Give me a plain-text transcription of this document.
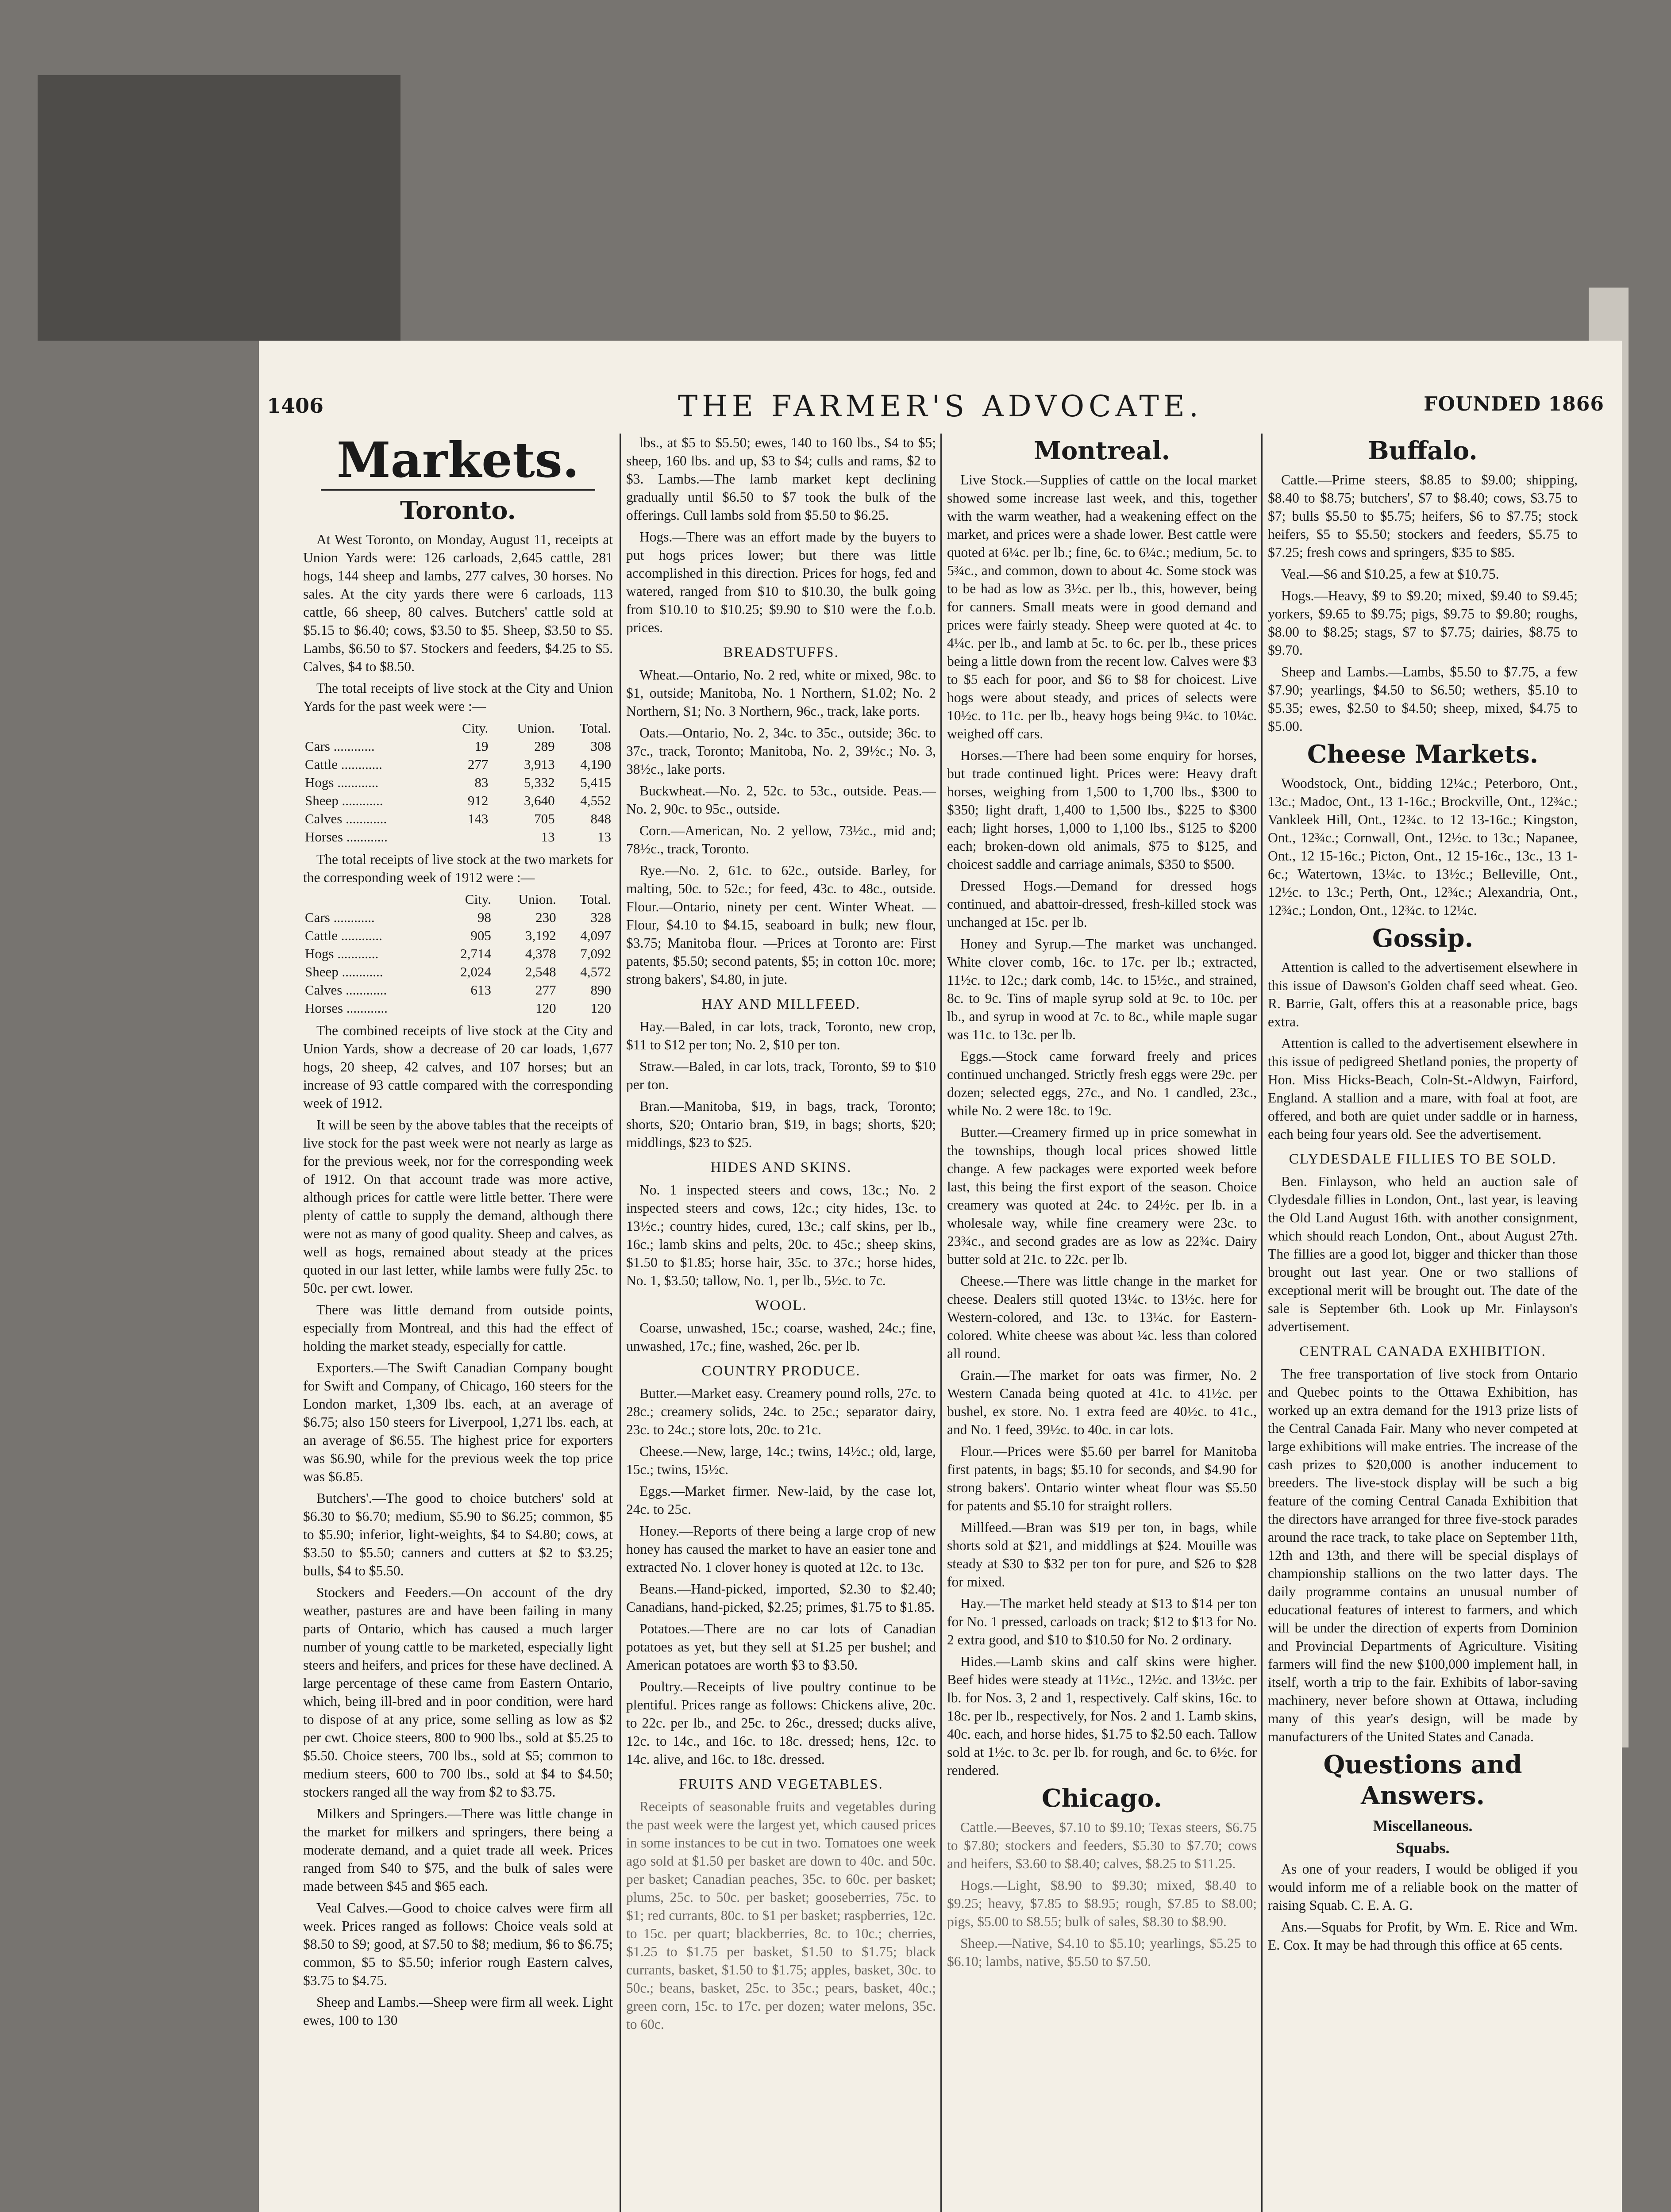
1406	THE FARMER'S ADVOCATE.	FOUNDED 1866
Markets.
Toronto.

At West Toronto, on Monday, August 11, receipts at Union Yards were: 126 carloads, 2,645 cattle, 281 hogs, 144 sheep and lambs, 277 calves, 30 horses. No sales. At the city yards there were 6 carloads, 113 cattle, 66 sheep, 80 calves. Butchers' cattle sold at $5.15 to $6.40; cows, $3.50 to $5. Sheep, $3.50 to $5. Lambs, $6.50 to $7. Stockers and feeders, $4.25 to $5. Calves, $4 to $8.50.

The total receipts of live stock at the City and Union Yards for the past week were :—

	City.	Union.	Total.
Cars ............	19	289	308
Cattle ............	277	3,913	4,190
Hogs ............	83	5,332	5,415
Sheep ............	912	3,640	4,552
Calves ............	143	705	848
Horses ............		13	13

The total receipts of live stock at the two markets for the corresponding week of 1912 were :—

	City.	Union.	Total.
Cars ............	98	230	328
Cattle ............	905	3,192	4,097
Hogs ............	2,714	4,378	7,092
Sheep ............	2,024	2,548	4,572
Calves ............	613	277	890
Horses ............		120	120

The combined receipts of live stock at the City and Union Yards, show a decrease of 20 car loads, 1,677 hogs, 20 sheep, 42 calves, and 107 horses; but an increase of 93 cattle compared with the corresponding week of 1912.

It will be seen by the above tables that the receipts of live stock for the past week were not nearly as large as for the previous week, nor for the corresponding week of 1912. On that account trade was more active, although prices for cattle were little better. There were plenty of cattle to supply the demand, although there were not as many of good quality. Sheep and calves, as well as hogs, remained about steady at the prices quoted in our last letter, while lambs were fully 25c. to 50c. per cwt. lower.

There was little demand from outside points, especially from Montreal, and this had the effect of holding the market steady, especially for cattle.

Exporters.—The Swift Canadian Company bought for Swift and Company, of Chicago, 160 steers for the London market, 1,309 lbs. each, at an average of $6.75; also 150 steers for Liverpool, 1,271 lbs. each, at an average of $6.55. The highest price for exporters was $6.90, while for the previous week the top price was $6.85.

Butchers'.—The good to choice butchers' sold at $6.30 to $6.70; medium, $5.90 to $6.25; common, $5 to $5.90; inferior, light-weights, $4 to $4.80; cows, at $3.50 to $5.50; canners and cutters at $2 to $3.25; bulls, $4 to $5.50.

Stockers and Feeders.—On account of the dry weather, pastures are and have been failing in many parts of Ontario, which has caused a much larger number of young cattle to be marketed, especially light steers and heifers, and prices for these have declined. A large percentage of these came from Eastern Ontario, which, being ill-bred and in poor condition, were hard to dispose of at any price, some selling as low as $2 per cwt. Choice steers, 800 to 900 lbs., sold at $5.25 to $5.50. Choice steers, 700 lbs., sold at $5; common to medium steers, 600 to 700 lbs., sold at $4 to $4.50; stockers ranged all the way from $2 to $3.75.

Milkers and Springers.—There was little change in the market for milkers and springers, there being a moderate demand, and a quiet trade all week. Prices ranged from $40 to $75, and the bulk of sales were made between $45 and $65 each.

Veal Calves.—Good to choice calves were firm all week. Prices ranged as follows: Choice veals sold at $8.50 to $9; good, at $7.50 to $8; medium, $6 to $6.75; common, $5 to $5.50; inferior rough Eastern calves, $3.75 to $4.75.

Sheep and Lambs.—Sheep were firm all week. Light ewes, 100 to 130

lbs., at $5 to $5.50; ewes, 140 to 160 lbs., $4 to $5; sheep, 160 lbs. and up, $3 to $4; culls and rams, $2 to $3. Lambs.—The lamb market kept declining gradually until $6.50 to $7 took the bulk of the offerings. Cull lambs sold from $5.50 to $6.25.

Hogs.—There was an effort made by the buyers to put hogs prices lower; but there was little accomplished in this direction. Prices for hogs, fed and watered, ranged from $10 to $10.30, the bulk going from $10.10 to $10.25; $9.90 to $10 were the f.o.b. prices.

BREADSTUFFS.

Wheat.—Ontario, No. 2 red, white or mixed, 98c. to $1, outside; Manitoba, No. 1 Northern, $1.02; No. 2 Northern, $1; No. 3 Northern, 96c., track, lake ports.

Oats.—Ontario, No. 2, 34c. to 35c., outside; 36c. to 37c., track, Toronto; Manitoba, No. 2, 39½c.; No. 3, 38½c., lake ports.

Buckwheat.—No. 2, 52c. to 53c., outside. Peas.—No. 2, 90c. to 95c., outside.

Corn.—American, No. 2 yellow, 73½c., mid and; 78½c., track, Toronto.

Rye.—No. 2, 61c. to 62c., outside. Barley, for malting, 50c. to 52c.; for feed, 43c. to 48c., outside. Flour.—Ontario, ninety per cent. Winter Wheat. —Flour, $4.10 to $4.15, seaboard in bulk; new flour, $3.75; Manitoba flour. —Prices at Toronto are: First patents, $5.50; second patents, $5; in cotton 10c. more; strong bakers', $4.80, in jute.

HAY AND MILLFEED.

Hay.—Baled, in car lots, track, Toronto, new crop, $11 to $12 per ton; No. 2, $10 per ton.

Straw.—Baled, in car lots, track, Toronto, $9 to $10 per ton.

Bran.—Manitoba, $19, in bags, track, Toronto; shorts, $20; Ontario bran, $19, in bags; shorts, $20; middlings, $23 to $25.

HIDES AND SKINS.

No. 1 inspected steers and cows, 13c.; No. 2 inspected steers and cows, 12c.; city hides, 13c. to 13½c.; country hides, cured, 13c.; calf skins, per lb., 16c.; lamb skins and pelts, 20c. to 45c.; sheep skins, $1.50 to $1.85; horse hair, 35c. to 37c.; horse hides, No. 1, $3.50; tallow, No. 1, per lb., 5½c. to 7c.

WOOL.

Coarse, unwashed, 15c.; coarse, washed, 24c.; fine, unwashed, 17c.; fine, washed, 26c. per lb.

COUNTRY PRODUCE.

Butter.—Market easy. Creamery pound rolls, 27c. to 28c.; creamery solids, 24c. to 25c.; separator dairy, 23c. to 24c.; store lots, 20c. to 21c.

Cheese.—New, large, 14c.; twins, 14½c.; old, large, 15c.; twins, 15½c.

Eggs.—Market firmer. New-laid, by the case lot, 24c. to 25c.

Honey.—Reports of there being a large crop of new honey has caused the market to have an easier tone and extracted No. 1 clover honey is quoted at 12c. to 13c.

Beans.—Hand-picked, imported, $2.30 to $2.40; Canadians, hand-picked, $2.25; primes, $1.75 to $1.85.

Potatoes.—There are no car lots of Canadian potatoes as yet, but they sell at $1.25 per bushel; and American potatoes are worth $3 to $3.50.

Poultry.—Receipts of live poultry continue to be plentiful. Prices range as follows: Chickens alive, 20c. to 22c. per lb., and 25c. to 26c., dressed; ducks alive, 12c. to 14c., and 16c. to 18c. dressed; hens, 12c. to 14c. alive, and 16c. to 18c. dressed.

FRUITS AND VEGETABLES.

Receipts of seasonable fruits and vegetables during the past week were the largest yet, which caused prices in some instances to be cut in two. Tomatoes one week ago sold at $1.50 per basket are down to 40c. and 50c. per basket; Canadian peaches, 35c. to 60c. per basket; plums, 25c. to 50c. per basket; gooseberries, 75c. to $1; red currants, 80c. to $1 per basket; raspberries, 12c. to 15c. per quart; blackberries, 8c. to 10c.; cherries, $1.25 to $1.75 per basket, $1.50 to $1.75; black currants, basket, $1.50 to $1.75; apples, basket, 30c. to 50c.; beans, basket, 25c. to 35c.; pears, basket, 40c.; green corn, 15c. to 17c. per dozen; water melons, 35c. to 60c.

Montreal.

Live Stock.—Supplies of cattle on the local market showed some increase last week, and this, together with the warm weather, had a weakening effect on the market, and prices were a shade lower. Best cattle were quoted at 6¼c. per lb.; fine, 6c. to 6¼c.; medium, 5c. to 5¾c., and common, down to about 4c. Some stock was to be had as low as 3½c. per lb., this, however, being for canners. Small meats were in good demand and prices were fairly steady. Sheep were quoted at 4c. to 4¼c. per lb., and lamb at 5c. to 6c. per lb., these prices being a little down from the recent low. Calves were $3 to $5 each for poor, and $6 to $8 for choicest. Live hogs were about steady, and prices of selects were 10½c. to 11c. per lb., heavy hogs being 9¼c. to 10¼c. weighed off cars.

Horses.—There had been some enquiry for horses, but trade continued light. Prices were: Heavy draft horses, weighing from 1,500 to 1,700 lbs., $300 to $350; light draft, 1,400 to 1,500 lbs., $225 to $300 each; light horses, 1,000 to 1,100 lbs., $125 to $200 each; broken-down old animals, $75 to $125, and choicest saddle and carriage animals, $350 to $500.

Dressed Hogs.—Demand for dressed hogs continued, and abattoir-dressed, fresh-killed stock was unchanged at 15c. per lb.

Honey and Syrup.—The market was unchanged. White clover comb, 16c. to 17c. per lb.; extracted, 11½c. to 12c.; dark comb, 14c. to 15½c., and strained, 8c. to 9c. Tins of maple syrup sold at 9c. to 10c. per lb., and syrup in wood at 7c. to 8c., while maple sugar was 11c. to 13c. per lb.

Eggs.—Stock came forward freely and prices continued unchanged. Strictly fresh eggs were 29c. per dozen; selected eggs, 27c., and No. 1 candled, 23c., while No. 2 were 18c. to 19c.

Butter.—Creamery firmed up in price somewhat in the townships, though local prices showed little change. A few packages were exported week before last, this being the first export of the season. Choice creamery was quoted at 24c. to 24½c. per lb. in a wholesale way, while fine creamery were 23c. to 23¾c., and second grades are as low as 22¾c. Dairy butter sold at 21c. to 22c. per lb.

Cheese.—There was little change in the market for cheese. Dealers still quoted 13¼c. to 13½c. here for Western-colored, and 13c. to 13¼c. for Eastern-colored. White cheese was about ¼c. less than colored all round.

Grain.—The market for oats was firmer, No. 2 Western Canada being quoted at 41c. to 41½c. per bushel, ex store. No. 1 extra feed are 40½c. to 41c., and No. 1 feed, 39½c. to 40c. in car lots.

Flour.—Prices were $5.60 per barrel for Manitoba first patents, in bags; $5.10 for seconds, and $4.90 for strong bakers'. Ontario winter wheat flour was $5.50 for patents and $5.10 for straight rollers.

Millfeed.—Bran was $19 per ton, in bags, while shorts sold at $21, and middlings at $24. Mouille was steady at $30 to $32 per ton for pure, and $26 to $28 for mixed.

Hay.—The market held steady at $13 to $14 per ton for No. 1 pressed, carloads on track; $12 to $13 for No. 2 extra good, and $10 to $10.50 for No. 2 ordinary.

Hides.—Lamb skins and calf skins were higher. Beef hides were steady at 11½c., 12½c. and 13½c. per lb. for Nos. 3, 2 and 1, respectively. Calf skins, 16c. to 18c. per lb., respectively, for Nos. 2 and 1. Lamb skins, 40c. each, and horse hides, $1.75 to $2.50 each. Tallow sold at 1½c. to 3c. per lb. for rough, and 6c. to 6½c. for rendered.

Chicago.

Cattle.—Beeves, $7.10 to $9.10; Texas steers, $6.75 to $7.80; stockers and feeders, $5.30 to $7.70; cows and heifers, $3.60 to $8.40; calves, $8.25 to $11.25.

Hogs.—Light, $8.90 to $9.30; mixed, $8.40 to $9.25; heavy, $7.85 to $8.95; rough, $7.85 to $8.00; pigs, $5.00 to $8.55; bulk of sales, $8.30 to $8.90.

Sheep.—Native, $4.10 to $5.10; yearlings, $5.25 to $6.10; lambs, native, $5.50 to $7.50.

Buffalo.

Cattle.—Prime steers, $8.85 to $9.00; shipping, $8.40 to $8.75; butchers', $7 to $8.40; cows, $3.75 to $7; bulls $5.50 to $5.75; heifers, $6 to $7.75; stock heifers, $5 to $5.50; stockers and feeders, $5.75 to $7.25; fresh cows and springers, $35 to $85.

Veal.—$6 and $10.25, a few at $10.75.

Hogs.—Heavy, $9 to $9.20; mixed, $9.40 to $9.45; yorkers, $9.65 to $9.75; pigs, $9.75 to $9.80; roughs, $8.00 to $8.25; stags, $7 to $7.75; dairies, $8.75 to $9.70.

Sheep and Lambs.—Lambs, $5.50 to $7.75, a few $7.90; yearlings, $4.50 to $6.50; wethers, $5.10 to $5.35; ewes, $2.50 to $4.50; sheep, mixed, $4.75 to $5.00.

Cheese Markets.

Woodstock, Ont., bidding 12¼c.; Peterboro, Ont., 13c.; Madoc, Ont., 13 1-16c.; Brockville, Ont., 12¾c.; Vankleek Hill, Ont., 12¾c. to 12 13-16c.; Kingston, Ont., 12¾c.; Cornwall, Ont., 12½c. to 13c.; Napanee, Ont., 12 15-16c.; Picton, Ont., 12 15-16c., 13c., 13 1-6c.; Watertown, 13¼c. to 13½c.; Belleville, Ont., 12½c. to 13c.; Perth, Ont., 12¾c.; Alexandria, Ont., 12¾c.; London, Ont., 12¾c. to 12¼c.

Gossip.

Attention is called to the advertisement elsewhere in this issue of Dawson's Golden chaff seed wheat. Geo. R. Barrie, Galt, offers this at a reasonable price, bags extra.

Attention is called to the advertisement elsewhere in this issue of pedigreed Shetland ponies, the property of Hon. Miss Hicks-Beach, Coln-St.-Aldwyn, Fairford, England. A stallion and a mare, with foal at foot, are offered, and both are quiet under saddle or in harness, each being four years old. See the advertisement.

CLYDESDALE FILLIES TO BE SOLD.

Ben. Finlayson, who held an auction sale of Clydesdale fillies in London, Ont., last year, is leaving the Old Land August 16th. with another consignment, which should reach London, Ont., about August 27th. The fillies are a good lot, bigger and thicker than those brought out last year. One or two stallions of exceptional merit will be brought out. The date of the sale is September 6th. Look up Mr. Finlayson's advertisement.

CENTRAL CANADA EXHIBITION.

The free transportation of live stock from Ontario and Quebec points to the Ottawa Exhibition, has worked up an extra demand for the 1913 prize lists of the Central Canada Fair. Many who never competed at large exhibitions will make entries. The increase of the cash prizes to $20,000 is another inducement to breeders. The live-stock display will be such a big feature of the coming Central Canada Exhibition that the directors have arranged for three five-stock parades around the race track, to take place on September 11th, 12th and 13th, and there will be special displays of championship stallions on the two latter days. The daily programme contains an unusual number of educational features of interest to farmers, and which will be under the direction of experts from Dominion and Provincial Departments of Agriculture. Visiting farmers will find the new $100,000 implement hall, in itself, worth a trip to the fair. Exhibits of labor-saving machinery, never before shown at Ottawa, including many of this year's design, will be made by manufacturers of the United States and Canada.

Questions and Answers.
Miscellaneous.
Squabs.

As one of your readers, I would be obliged if you would inform me of a reliable book on the matter of raising Squab. C. E. A. G.

Ans.—Squabs for Profit, by Wm. E. Rice and Wm. E. Cox. It may be had through this office at 65 cents.
